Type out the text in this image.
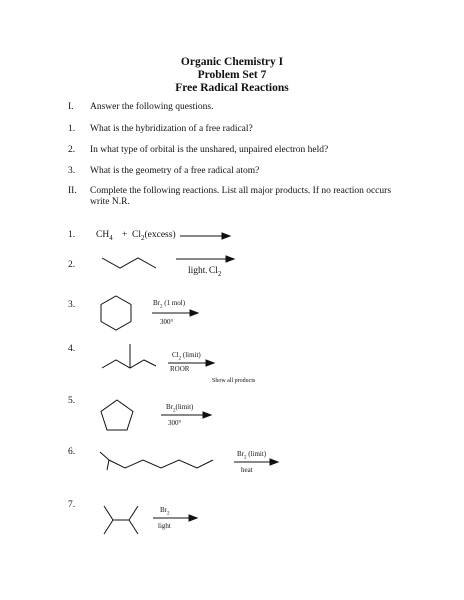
Organic Chemistry I
Problem Set 7
Free Radical Reactions
I. Answer the following questions.
1. What is the hybridization of a free radical?
2. In what type of orbital is the unshared, unpaired electron held?
3. What is the geometry of a free radical atom?
II. Complete the following reactions. List all major products. If no reaction occurs
write N.R.
1. $CH_4$ + $Cl_2(excess)$ →
2.
light, $Cl_2$
3.	$Br_2$ (1 mol)
300°
4.
$Cl_2$ (limit)
ROOR
Show all products
5.
$Br_2(limit)$
300°
6.	$Br_2$ (limit)
heat
7.	$Br_2$
light
